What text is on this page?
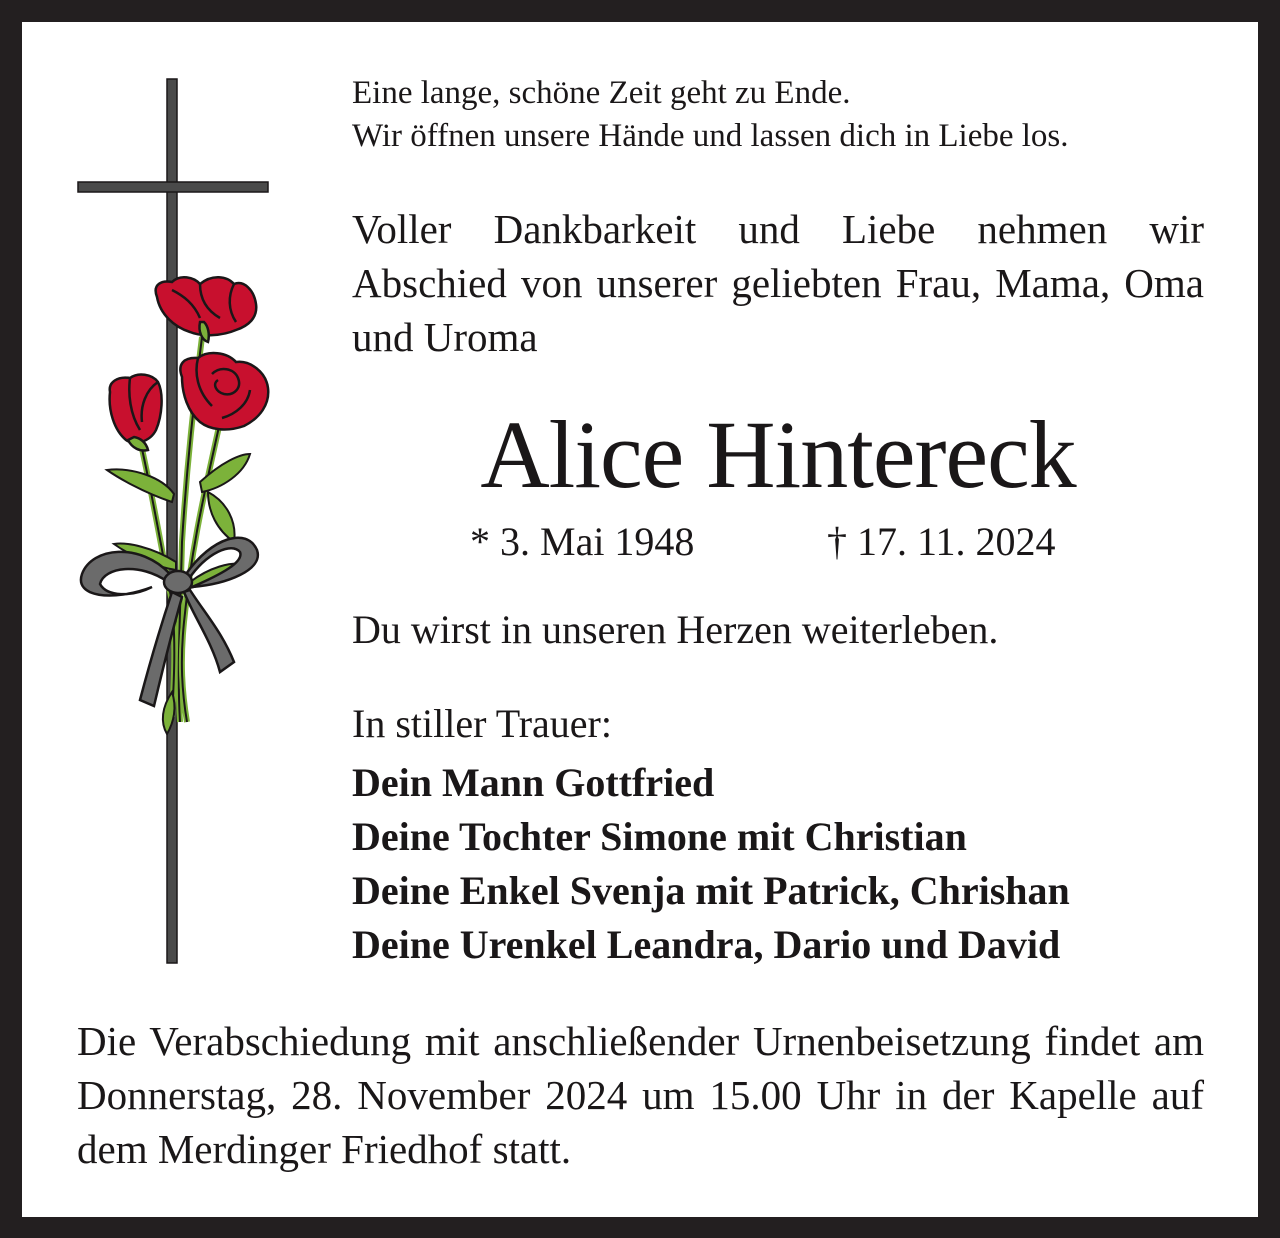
Eine lange, schöne Zeit geht zu Ende.
Wir öffnen unsere Hände und lassen dich in Liebe los.
Voller Dankbarkeit und Liebe nehmen wir Abschied von unserer geliebten Frau, Mama, Oma und Uroma
Alice Hintereck
* 3. Mai 1948	† 17. 11. 2024
Du wirst in unseren Herzen weiterleben.
In stiller Trauer:
Dein Mann Gottfried
Deine Tochter Simone mit Christian
Deine Enkel Svenja mit Patrick, Chrishan
Deine Urenkel Leandra, Dario und David
Die Verabschiedung mit anschließender Urnenbeisetzung findet am Donnerstag, 28. November 2024 um 15.00 Uhr in der Kapelle auf dem Merdinger Friedhof statt.
